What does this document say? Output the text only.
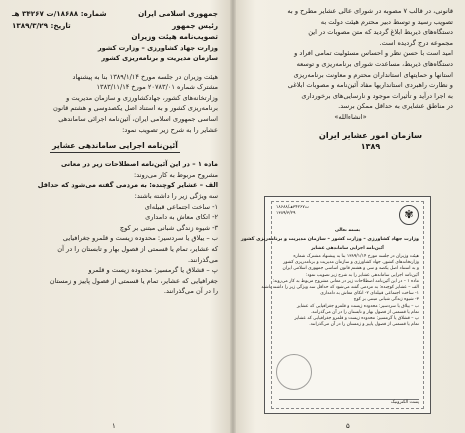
جمهوری اسلامی ایران
شماره: ۱۸۶۸۸/ت ۳۴۲۶۷ هـ
رئیس جمهور
تاریخ: ۱۳۸۹/۳/۲۹
تصویب‌نامه هیئت وزیران
وزارت جهاد کشاورزی – وزارت کشور
سازمان مدیریت و برنامه‌ریزی کشور
هیئت وزیران در جلسه مورخ ۱۳۸۹/۱/۱۴ بنا به پیشنهاد
مشترک شماره ۲۰۷۸۳/۰۱ مورخ ۱۳۸۳/۱۱/۱۴
وزارتخانه‌های کشور، جهادکشاورزی و سازمان مدیریت و
برنامه‌ریزی کشور و به استناد اصل یکصدوسی و هشتم قانون
اساسی جمهوری اسلامی ایران، آئین‌نامه اجرائی ساماندهی
عشایر را به شرح زیر تصویب نمود:
آئین‌نامه اجرایی ساماندهی عشایر
ماده ۱ – در این آئین‌نامه اصطلاحات زیر در معانی
مشروح مربوط به کار می‌روند:
الف – عشایر کوچنده: به مردمی گفته می‌شود که حداقل
سه ویژگی زیر را داشته باشند:
۱- ساخت اجتماعی قبیله‌ای
۲- اتکای معاش به دامداری
۳- شیوه زندگی شبانی مبتنی بر کوچ
ب – ییلاق یا سردسیر: محدوده زیست و قلمرو جغرافیایی
که عشایر، تمام یا قسمتی از فصول بهار و تابستان را در آن
می‌گذرانند.
پ – قشلاق یا گرمسیر: محدوده زیست و قلمرو
جغرافیایی که عشایر، تمام یا قسمتی از فصول پاییز و زمستان
را در آن می‌گذرانند.
۱
قانونی، در قالب ۷ مصوبه در شورای عالی عشایر مطرح و به
تصویب رسید و توسط دبیر محترم هیئت دولت به
دستگاه‌های ذیربط ابلاغ گردید که متن مصوبات در این
مجموعه درج گردیده است.
امید است با حسن نظر و احساس مسئولیت تمامی افراد و
دستگاه‌های ذیربط، مساعدت شورای برنامه‌ریزی و توسعه
استانها و حمایتهای استانداران محترم و معاونت برنامه‌ریزی
و نظارت راهبردی استانداریها مفاد آئین‌نامه و مصوبات ابلاغی
به اجرا درآید و تأثیرات موجود و نارسایی‌های برخورداری
در مناطق عشایری به حداقل ممکن برسد.
«انشاء‌الله»
سازمان امور عشایر ایران
۱۳۸۹
✾
۱۸۶۸۸/ت۳۴۲۶۷هـ
۱۳۸۹/۳/۲۹
بسمه تعالی
وزارت جهاد کشاورزی – وزارت کشور – سازمان مدیریت و برنامه‌ریزی کشور
آئین‌نامه اجرایی ساماندهی عشایر
هیئت وزیران در جلسه مورخ ۱۳۸۹/۱/۱۴ بنا به پیشنهاد مشترک شماره
وزارتخانه‌های کشور، جهاد کشاورزی و سازمان مدیریت و برنامه‌ریزی کشور
و به استناد اصل یکصد و سی و هشتم قانون اساسی جمهوری اسلامی ایران
آئین‌نامه اجرایی ساماندهی عشایر را به شرح زیر تصویب نمود:
ماده ۱ – در این آئین‌نامه اصطلاحات زیر در معانی مشروح مربوط به کار می‌روند:
الف – عشایر کوچنده: به مردمی گفته می‌شود که حداقل سه ویژگی زیر را داشته باشند
۱- ساخت اجتماعی قبیله‌ای ۲- اتکای معاش به دامداری
۳- شیوه زندگی شبانی مبتنی بر کوچ
ب – ییلاق یا سردسیر: محدوده زیست و قلمرو جغرافیایی که عشایر
تمام یا قسمتی از فصول بهار و تابستان را در آن می‌گذرانند.
پ – قشلاق یا گرمسیر: محدوده زیست و قلمرو جغرافیایی که عشایر
تمام یا قسمتی از فصول پاییز و زمستان را در آن می‌گذرانند.
پست الکترونیک
۵
